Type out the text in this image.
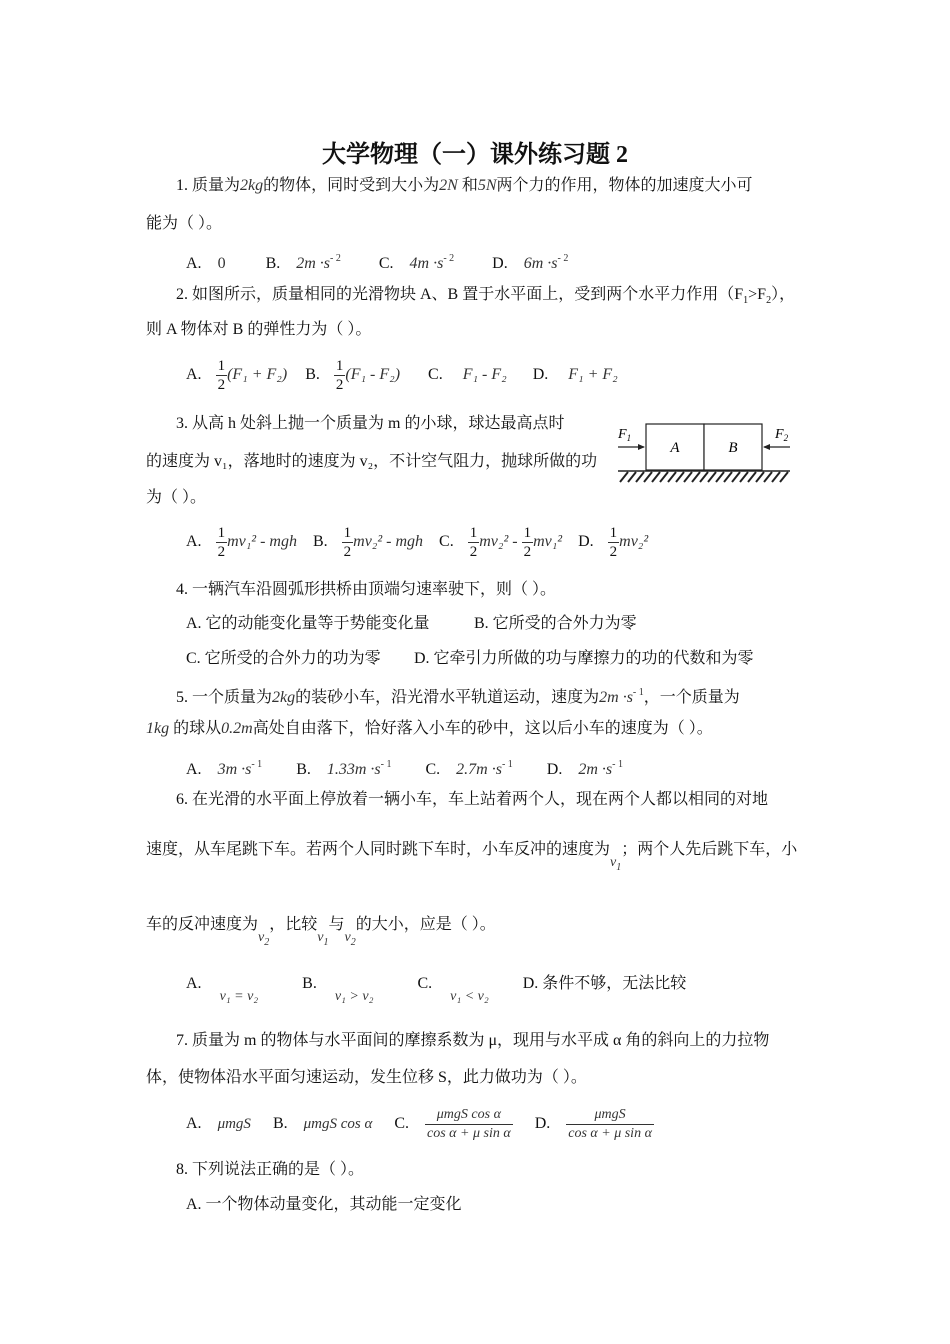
大学物理（一）课外练习题 2
1. 质量为2kg的物体，同时受到大小为2N 和5N两个力的作用，物体的加速度大小可
能为（ ）。
A. 0	B. $2m \cdot s^{- 2}$ C. $4m \cdot s^{- 2}$ D. $6m \cdot s^{- 2}$
2. 如图所示，质量相同的光滑物块 A、B 置于水平面上，受到两个水平力作用$(F_1>F_2)$，
则 A 物体对 B 的弹性力为（ ）。
A. $\frac{1}{2} (F_1 + F_2)$ B. $\frac{1}{2} (F_1 - F_2)$ C. F₁ - F₂ D. F₁ + F₂
3. 从高 h 处斜上抛一个质量为 m 的小球，球达最高点时
的速度为 v₁，落地时的速度为 v₂，不计空气阻力，抛球所做的功
为（ ）。
A	B
$F_1$	$F_2$
A. $\frac{1}{2} mv_1^2$ - mgh B. $\frac{1}{2} mv_2^2$ - mgh C. $\frac{1}{2} mv_2^2 - \frac{1}{2} mv_1^2$ D. $\frac{1}{2} mv_2^2$
4. 一辆汽车沿圆弧形拱桥由顶端匀速率驶下，则（ ）。
A. 它的动能变化量等于势能变化量	B. 它所受的合外力为零
C. 它所受的合外力的功为零 D. 它牵引力所做的功与摩擦力的功的代数和为零
5. 一个质量为2kg的装砂小车，沿光滑水平轨道运动，速度为$2m \cdot s^{- 1}$，一个质量为
1kg 的球从0.2m高处自由落下，恰好落入小车的砂中，这以后小车的速度为（ ）。
A. $3m \cdot s^{- 1}$ B. $1.33m \cdot s^{- 1}$ C. $2.7m \cdot s^{- 1}$ D. $2m \cdot s^{- 1}$
6. 在光滑的水平面上停放着一辆小车，车上站着两个人，现在两个人都以相同的对地
速度，从车尾跳下车。若两个人同时跳下车时，小车反冲的速度为$v_1$；两个人先后跳下车，小
车的反冲速度为$v_2$，比较$v_1$与$v_2$的大小，应是（ ）。
A. v₁ = v₂ B. v₁ > v₂ C. v₁ < v₂ D. 条件不够，无法比较
7. 质量为 m 的物体与水平面间的摩擦系数为 μ，现用与水平成 α 角的斜向上的力拉物
体，使物体沿水平面匀速运动，发生位移 S，此力做功为（ ）。
A. μmgS B. μmgS cos α C. $\frac{\text{μmgS cos α}}{\text{cos α + μ sin α}} D$. $\frac{\text{μmgS}}{\text{cos α + μ sin α}}$
8. 下列说法正确的是（ ）。
A. 一个物体动量变化，其动能一定变化
